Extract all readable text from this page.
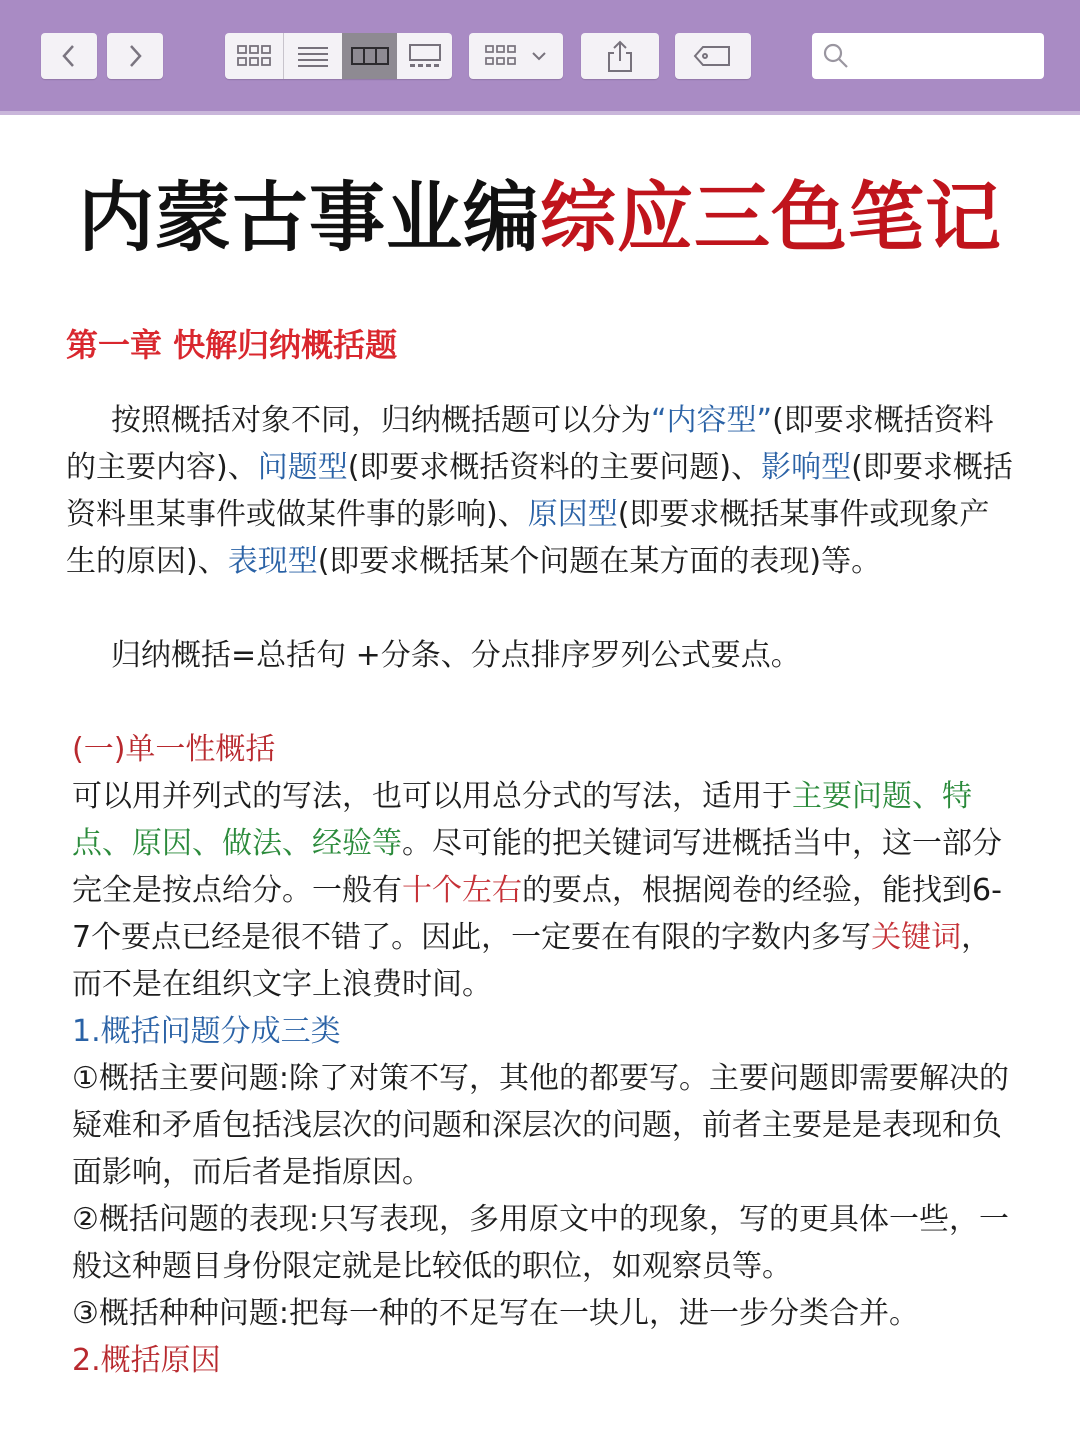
内蒙古事业编综应三色笔记
第一章 快解归纳概括题

按照概括对象不同，归纳概括题可以分为“内容型”(即要求概括资料的主要内容)、问题型(即要求概括资料的主要问题)、影响型(即要求概括资料里某事件或做某件事的影响)、原因型(即要求概括某事件或现象产生的原因)、表现型(即要求概括某个问题在某方面的表现)等。

归纳概括=总括句 +分条、分点排序罗列公式要点。

(一)单一性概括

可以用并列式的写法，也可以用总分式的写法，适用于主要问题、特点、原因、做法、经验等。尽可能的把关键词写进概括当中，这一部分完全是按点给分。一般有十个左右的要点，根据阅卷的经验，能找到6-7个要点已经是很不错了。因此，一定要在有限的字数内多写关键词，而不是在组织文字上浪费时间。

1.概括问题分成三类

①概括主要问题:除了对策不写，其他的都要写。主要问题即需要解决的疑难和矛盾包括浅层次的问题和深层次的问题，前者主要是是表现和负面影响，而后者是指原因。

②概括问题的表现:只写表现，多用原文中的现象，写的更具体一些，一般这种题目身份限定就是比较低的职位，如观察员等。

③概括种种问题:把每一种的不足写在一块儿，进一步分类合并。

2.概括原因
